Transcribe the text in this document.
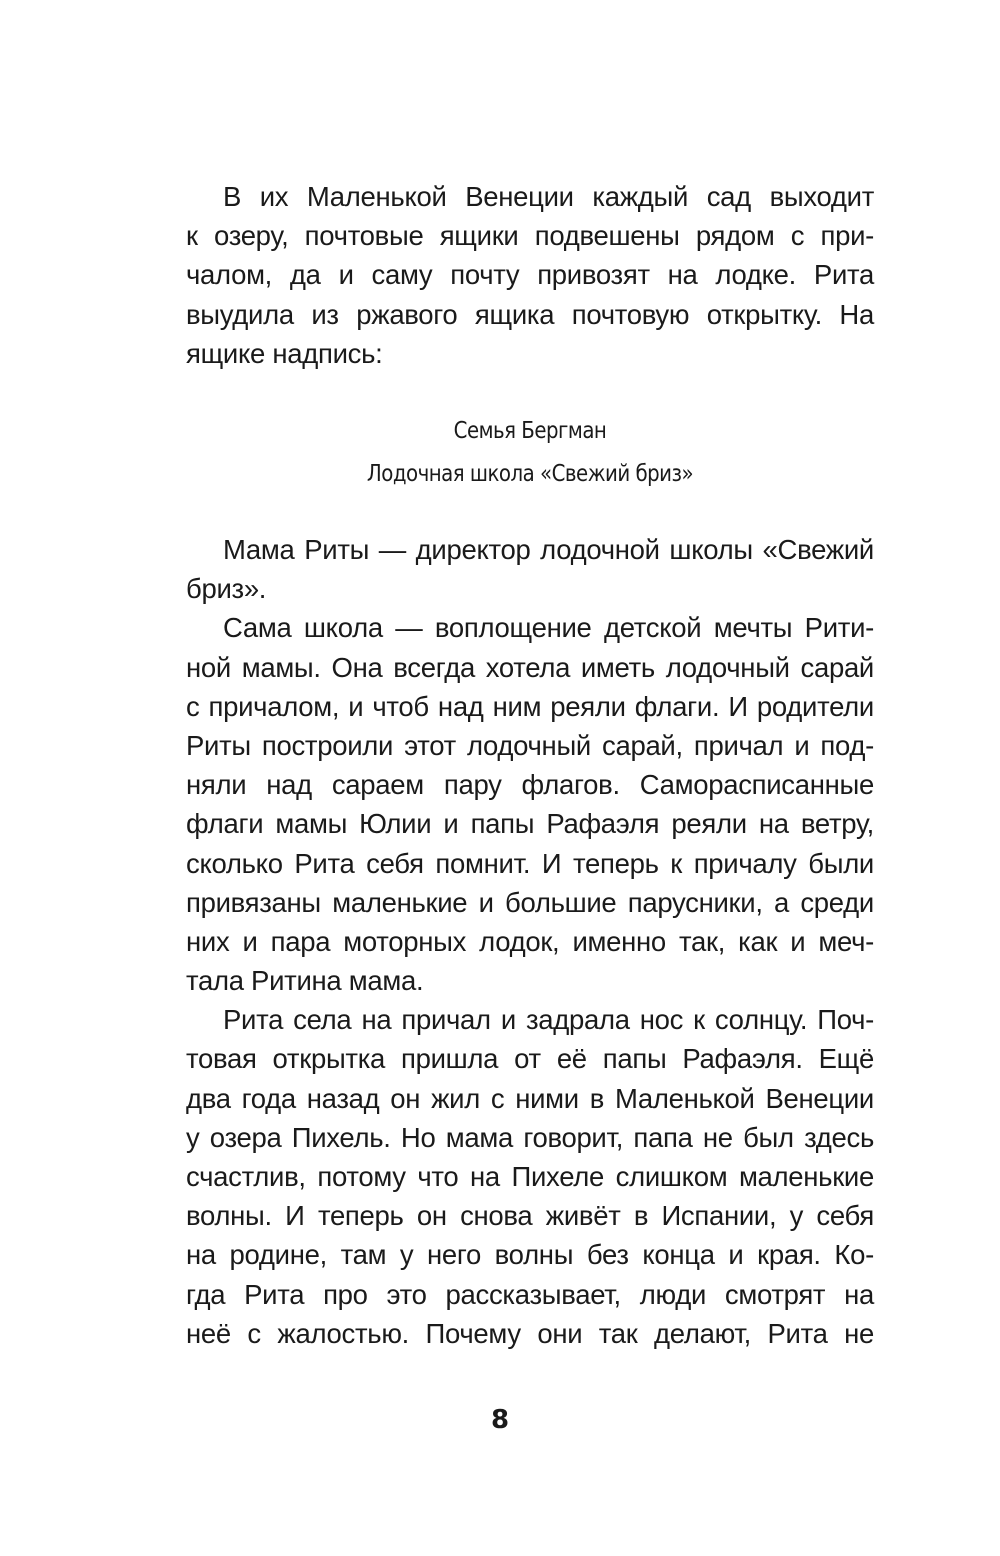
В их Маленькой Венеции каждый сад выходит
к озеру, почтовые ящики подвешены рядом с при-
чалом, да и саму почту привозят на лодке. Рита
выудила из ржавого ящика почтовую открытку. На
ящике надпись:
Семья Бергман
Лодочная школа «Свежий бриз»
Мама Риты — директор лодочной школы «Свежий
бриз».
Сама школа — воплощение детской мечты Рити-
ной мамы. Она всегда хотела иметь лодочный сарай
с причалом, и чтоб над ним реяли флаги. И родители
Риты построили этот лодочный сарай, причал и под-
няли над сараем пару флагов. Саморасписанные
флаги мамы Юлии и папы Рафаэля реяли на ветру,
сколько Рита себя помнит. И теперь к причалу были
привязаны маленькие и большие парусники, а среди
них и пара моторных лодок, именно так, как и меч-
тала Ритина мама.
Рита села на причал и задрала нос к солнцу. Поч-
товая открытка пришла от её папы Рафаэля. Ещё
два года назад он жил с ними в Маленькой Венеции
у озера Пихель. Но мама говорит, папа не был здесь
счастлив, потому что на Пихеле слишком маленькие
волны. И теперь он снова живёт в Испании, у себя
на родине, там у него волны без конца и края. Ко-
гда Рита про это рассказывает, люди смотрят на
неё с жалостью. Почему они так делают, Рита не
8
